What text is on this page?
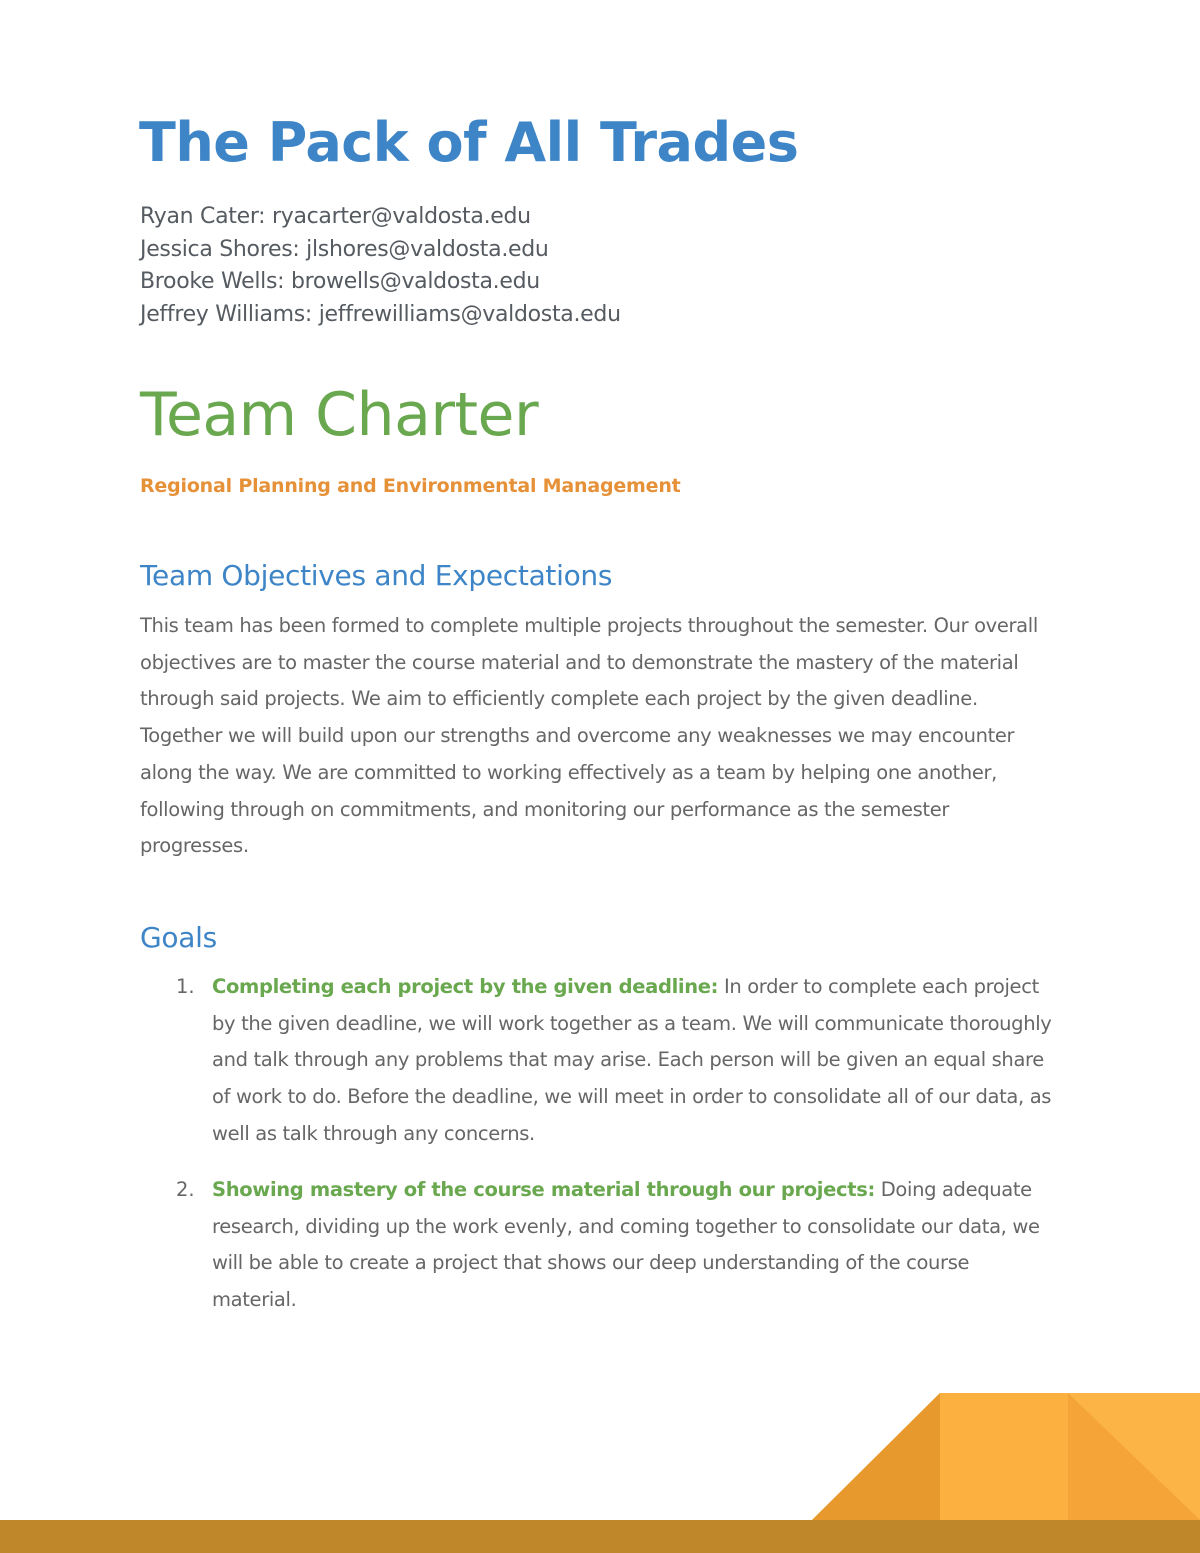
The Pack of All Trades
Ryan Cater: ryacarter@valdosta.edu
Jessica Shores: jlshores@valdosta.edu
Brooke Wells: browells@valdosta.edu
Jeffrey Williams: jeffrewilliams@valdosta.edu
Team Charter
Regional Planning and Environmental Management
Team Objectives and Expectations

This team has been formed to complete multiple projects throughout the semester. Our overall objectives are to master the course material and to demonstrate the mastery of the material through said projects. We aim to efficiently complete each project by the given deadline. Together we will build upon our strengths and overcome any weaknesses we may encounter along the way. We are committed to working effectively as a team by helping one another, following through on commitments, and monitoring our performance as the semester progresses.

Goals
1. Completing each project by the given deadline: In order to complete each project by the given deadline, we will work together as a team. We will communicate thoroughly and talk through any problems that may arise. Each person will be given an equal share of work to do. Before the deadline, we will meet in order to consolidate all of our data, as well as talk through any concerns.

2. Showing mastery of the course material through our projects: Doing adequate research, dividing up the work evenly, and coming together to consolidate our data, we will be able to create a project that shows our deep understanding of the course material.
